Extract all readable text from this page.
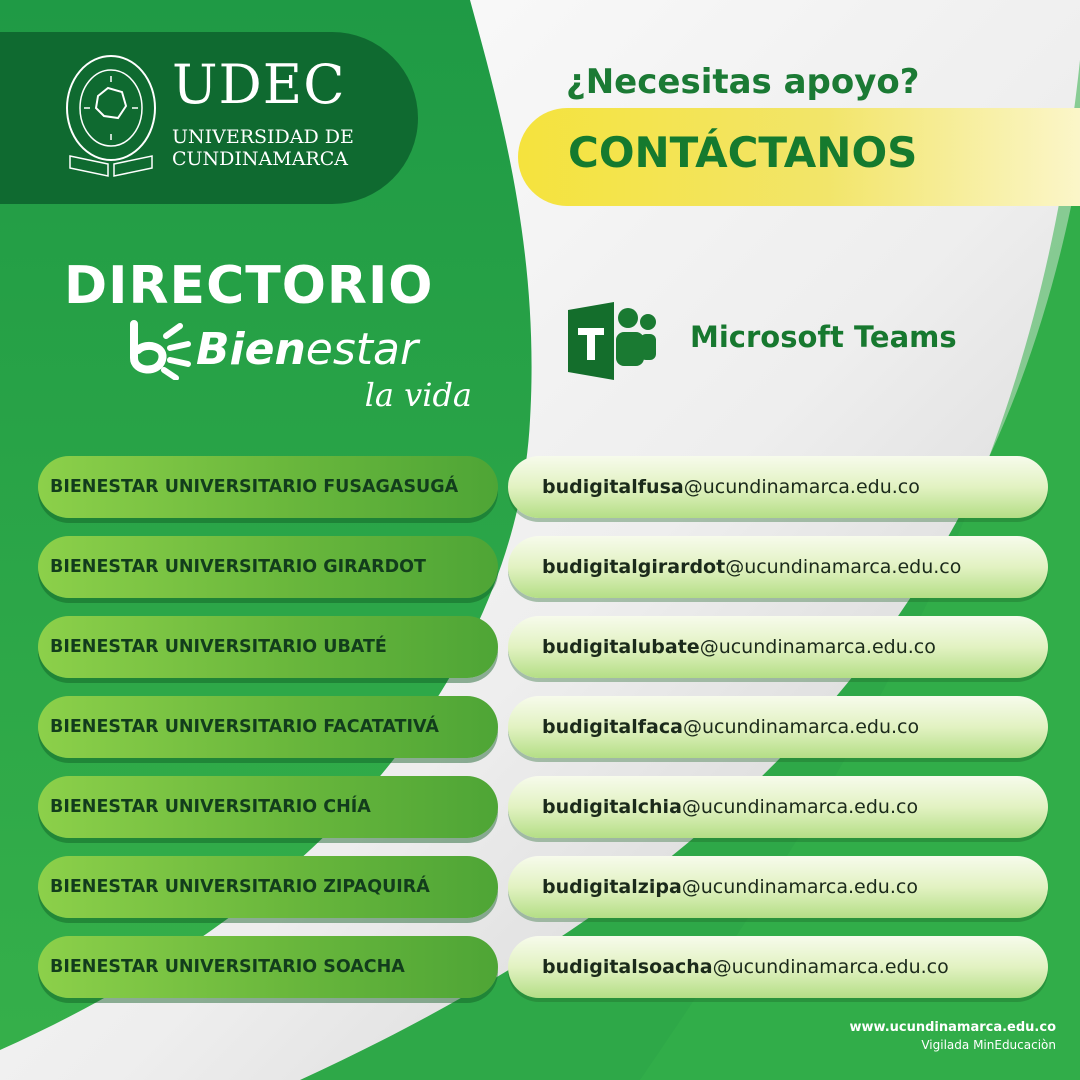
UDEC
UNIVERSIDAD DE
CUNDINAMARCA
¿Necesitas apoyo?
CONTÁCTANOS
DIRECTORIO
Bienestar
la vida
Microsoft Teams
BIENESTAR UNIVERSITARIO FUSAGASUGÁ	budigitalfusa@ucundinamarca.edu.co
BIENESTAR UNIVERSITARIO GIRARDOT	budigitalgirardot@ucundinamarca.edu.co
BIENESTAR UNIVERSITARIO UBATÉ	budigitalubate@ucundinamarca.edu.co
BIENESTAR UNIVERSITARIO FACATATIVÁ	budigitalfaca@ucundinamarca.edu.co
BIENESTAR UNIVERSITARIO CHÍA	budigitalchia@ucundinamarca.edu.co
BIENESTAR UNIVERSITARIO ZIPAQUIRÁ	budigitalzipa@ucundinamarca.edu.co
BIENESTAR UNIVERSITARIO SOACHA	budigitalsoacha@ucundinamarca.edu.co
www.ucundinamarca.edu.co
Vigilada MinEducaciòn
